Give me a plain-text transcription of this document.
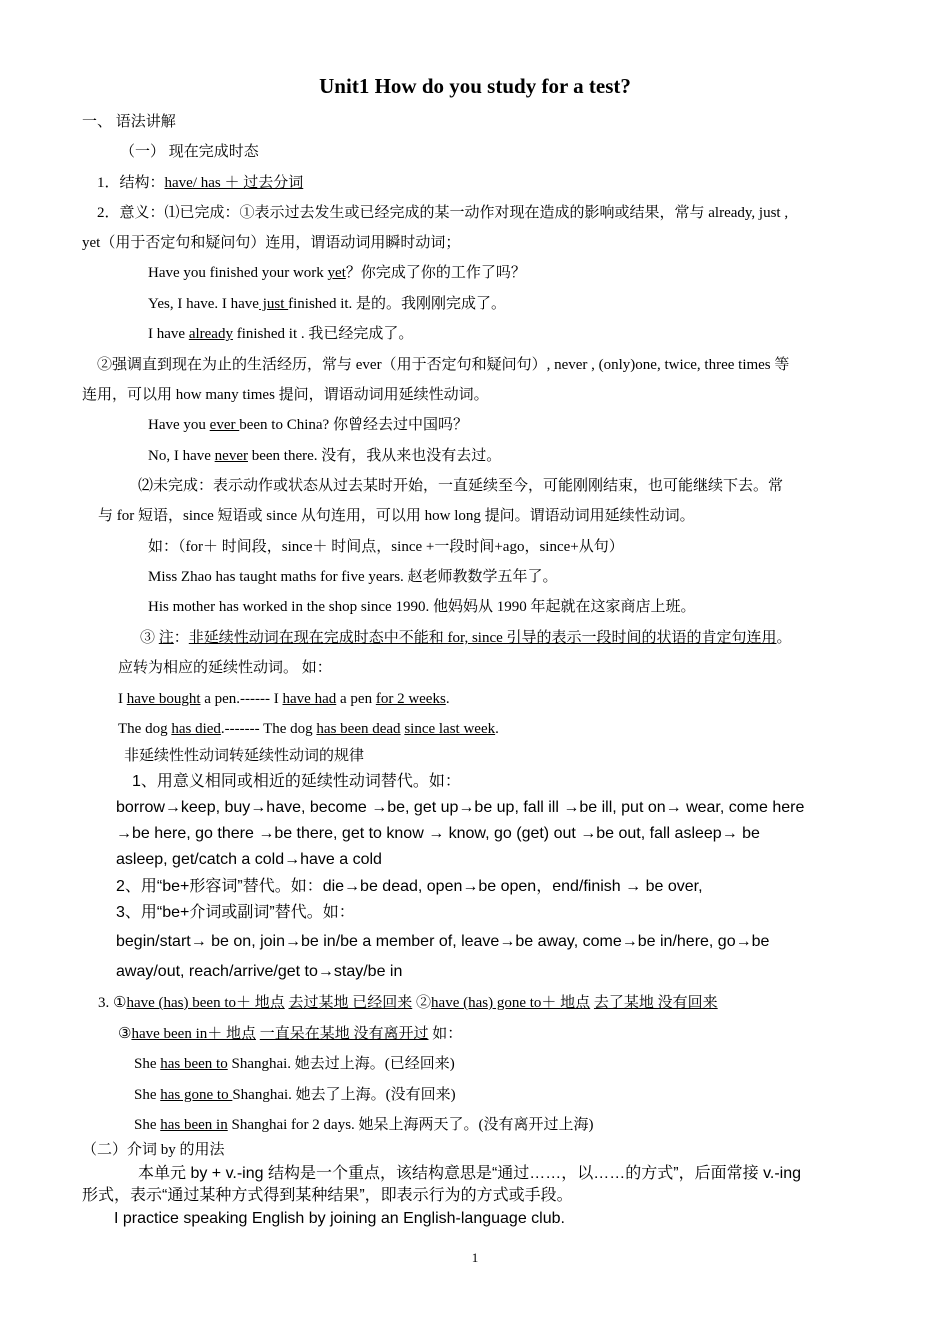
Unit1 How do you study for a test?
一、 语法讲解
（一） 现在完成时态
1．结构：have/ has ＋ 过去分词
2．意义：⑴已完成：①表示过去发生或已经完成的某一动作对现在造成的影响或结果，常与 already, just ,
yet（用于否定句和疑问句）连用，谓语动词用瞬时动词；
Have you finished your work yet？你完成了你的工作了吗？
Yes, I have. I have just finished it. 是的。我刚刚完成了。
I have already finished it . 我已经完成了。
②强调直到现在为止的生活经历，常与 ever（用于否定句和疑问句）, never , (only)one, twice, three times 等
连用，可以用 how many times 提问，谓语动词用延续性动词。
Have you ever been to China? 你曾经去过中国吗？
No, I have never been there. 没有，我从来也没有去过。
⑵未完成：表示动作或状态从过去某时开始，一直延续至今，可能刚刚结束，也可能继续下去。常
与 for 短语，since 短语或 since 从句连用，可以用 how long 提问。谓语动词用延续性动词。
如：（for＋ 时间段，since＋ 时间点，since +一段时间+ago，since+从句）
Miss Zhao has taught maths for five years. 赵老师教数学五年了。
His mother has worked in the shop since 1990. 他妈妈从 1990 年起就在这家商店上班。
③ 注：非延续性动词在现在完成时态中不能和 for, since 引导的表示一段时间的状语的肯定句连用。
应转为相应的延续性动词。 如：
I have bought a pen.------ I have had a pen for 2 weeks.
The dog has died.------- The dog has been dead since last week.
非延续性性动词转延续性动词的规律
1、用意义相同或相近的延续性动词替代。如：
borrow→keep, buy→have, become →be, get up→be up, fall ill →be ill, put on→ wear, come here
→be here, go there →be there, get to know → know, go (get) out →be out, fall asleep→ be
asleep, get/catch a cold→have a cold
2、用“be+形容词”替代。如：die→be dead, open→be open，end/finish → be over,
3、用“be+介词或副词”替代。如：
begin/start→ be on, join→be in/be a member of, leave→be away, come→be in/here, go→be
away/out, reach/arrive/get to→stay/be in
3. ①have (has) been to＋ 地点 去过某地 已经回来 ②have (has) gone to＋ 地点 去了某地 没有回来
③have been in＋ 地点 一直呆在某地 没有离开过 如：
She has been to Shanghai. 她去过上海。(已经回来)
She has gone to Shanghai. 她去了上海。(没有回来)
She has been in Shanghai for 2 days. 她呆上海两天了。(没有离开过上海)
（二）介词 by 的用法
本单元 by + v.-ing 结构是一个重点，该结构意思是“通过……，以……的方式”，后面常接 v.-ing
形式，表示“通过某种方式得到某种结果”，即表示行为的方式或手段。
I practice speaking English by joining an English-language club.
1
